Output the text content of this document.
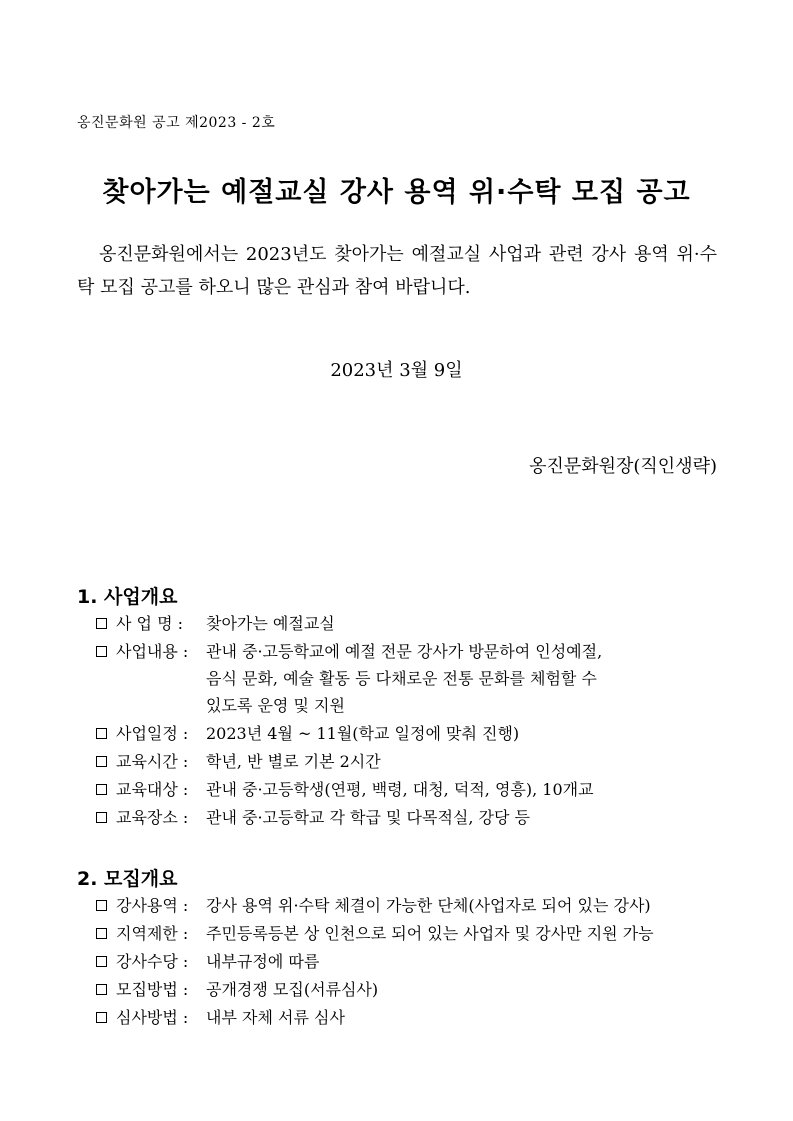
옹진문화원 공고 제2023 - 2호
찾아가는 예절교실 강사 용역 위·수탁 모집 공고
옹진문화원에서는 2023년도 찾아가는 예절교실 사업과 관련 강사 용역 위·수탁 모집 공고를 하오니 많은 관심과 참여 바랍니다.
2023년 3월 9일
옹진문화원장(직인생략)
1. 사업개요
사 업 명 :	찾아가는 예절교실
사업내용 :	관내 중·고등학교에 예절 전문 강사가 방문하여 인성예절,
음식 문화, 예술 활동 등 다채로운 전통 문화를 체험할 수
있도록 운영 및 지원
사업일정 :	2023년 4월 ~ 11월(학교 일정에 맞춰 진행)
교육시간 :	학년, 반 별로 기본 2시간
교육대상 :	관내 중·고등학생(연평, 백령, 대청, 덕적, 영흥), 10개교
교육장소 :	관내 중·고등학교 각 학급 및 다목적실, 강당 등
2. 모집개요
강사용역 :	강사 용역 위·수탁 체결이 가능한 단체(사업자로 되어 있는 강사)
지역제한 :	주민등록등본 상 인천으로 되어 있는 사업자 및 강사만 지원 가능
강사수당 :	내부규정에 따름
모집방법 :	공개경쟁 모집(서류심사)
심사방법 :	내부 자체 서류 심사
